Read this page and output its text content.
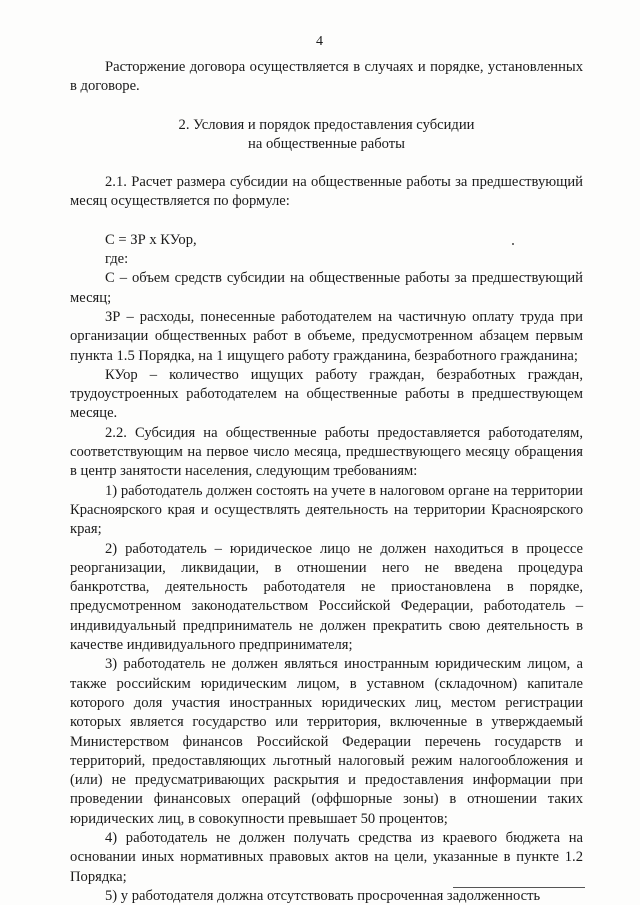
4

Расторжение договора осуществляется в случаях и порядке, установленных в договоре.

2. Условия и порядок предоставления субсидии
на общественные работы

2.1. Расчет размера субсидии на общественные работы за предшествующий месяц осуществляется по формуле:

С = ЗР х КУор,

где:

С – объем средств субсидии на общественные работы за предшествующий месяц;

ЗР – расходы, понесенные работодателем на частичную оплату труда при организации общественных работ в объеме, предусмотренном абзацем первым пункта 1.5 Порядка, на 1 ищущего работу гражданина, безработного гражданина;

КУор – количество ищущих работу граждан, безработных граждан, трудоустроенных работодателем на общественные работы в предшествующем месяце.

2.2. Субсидия на общественные работы предоставляется работодателям, соответствующим на первое число месяца, предшествующего месяцу обращения в центр занятости населения, следующим требованиям:

1) работодатель должен состоять на учете в налоговом органе на территории Красноярского края и осуществлять деятельность на территории Красноярского края;

2) работодатель – юридическое лицо не должен находиться в процессе реорганизации, ликвидации, в отношении него не введена процедура банкротства, деятельность работодателя не приостановлена в порядке, предусмотренном законодательством Российской Федерации, работодатель – индивидуальный предприниматель не должен прекратить свою деятельность в качестве индивидуального предпринимателя;

3) работодатель не должен являться иностранным юридическим лицом, а также российским юридическим лицом, в уставном (складочном) капитале которого доля участия иностранных юридических лиц, местом регистрации которых является государство или территория, включенные в утверждаемый Министерством финансов Российской Федерации перечень государств и территорий, предоставляющих льготный налоговый режим налогообложения и (или) не предусматривающих раскрытия и предоставления информации при проведении финансовых операций (оффшорные зоны) в отношении таких юридических лиц, в совокупности превышает 50 процентов;

4) работодатель не должен получать средства из краевого бюджета на основании иных нормативных правовых актов на цели, указанные в пункте 1.2 Порядка;

5) у работодателя должна отсутствовать просроченная задолженность
